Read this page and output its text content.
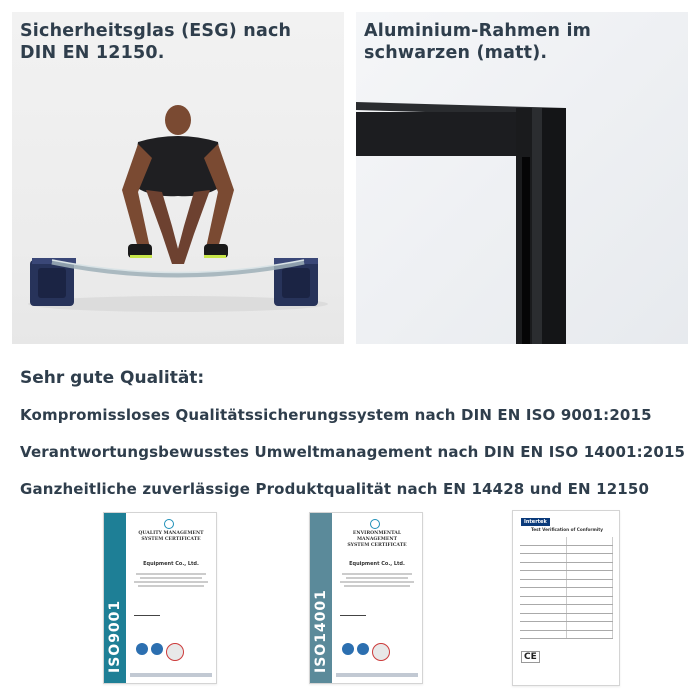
Sicherheitsglas (ESG) nach
DIN EN 12150.
Aluminium-Rahmen im
schwarzen (matt).
Sehr gute Qualität:
Kompromissloses Qualitätssicherungssystem nach DIN EN ISO 9001:2015
Verantwortungsbewusstes Umweltmanagement nach DIN EN ISO 14001:2015
Ganzheitliche zuverlässige Produktqualität nach EN 14428 und EN 12150
ISO9001
QUALITY MANAGEMENT
SYSTEM CERTIFICATE
Equipment Co., Ltd.
ISO14001
ENVIRONMENTAL MANAGEMENT
SYSTEM CERTIFICATE
Equipment Co., Ltd.
Intertek
Test Verification of Conformity
CE
